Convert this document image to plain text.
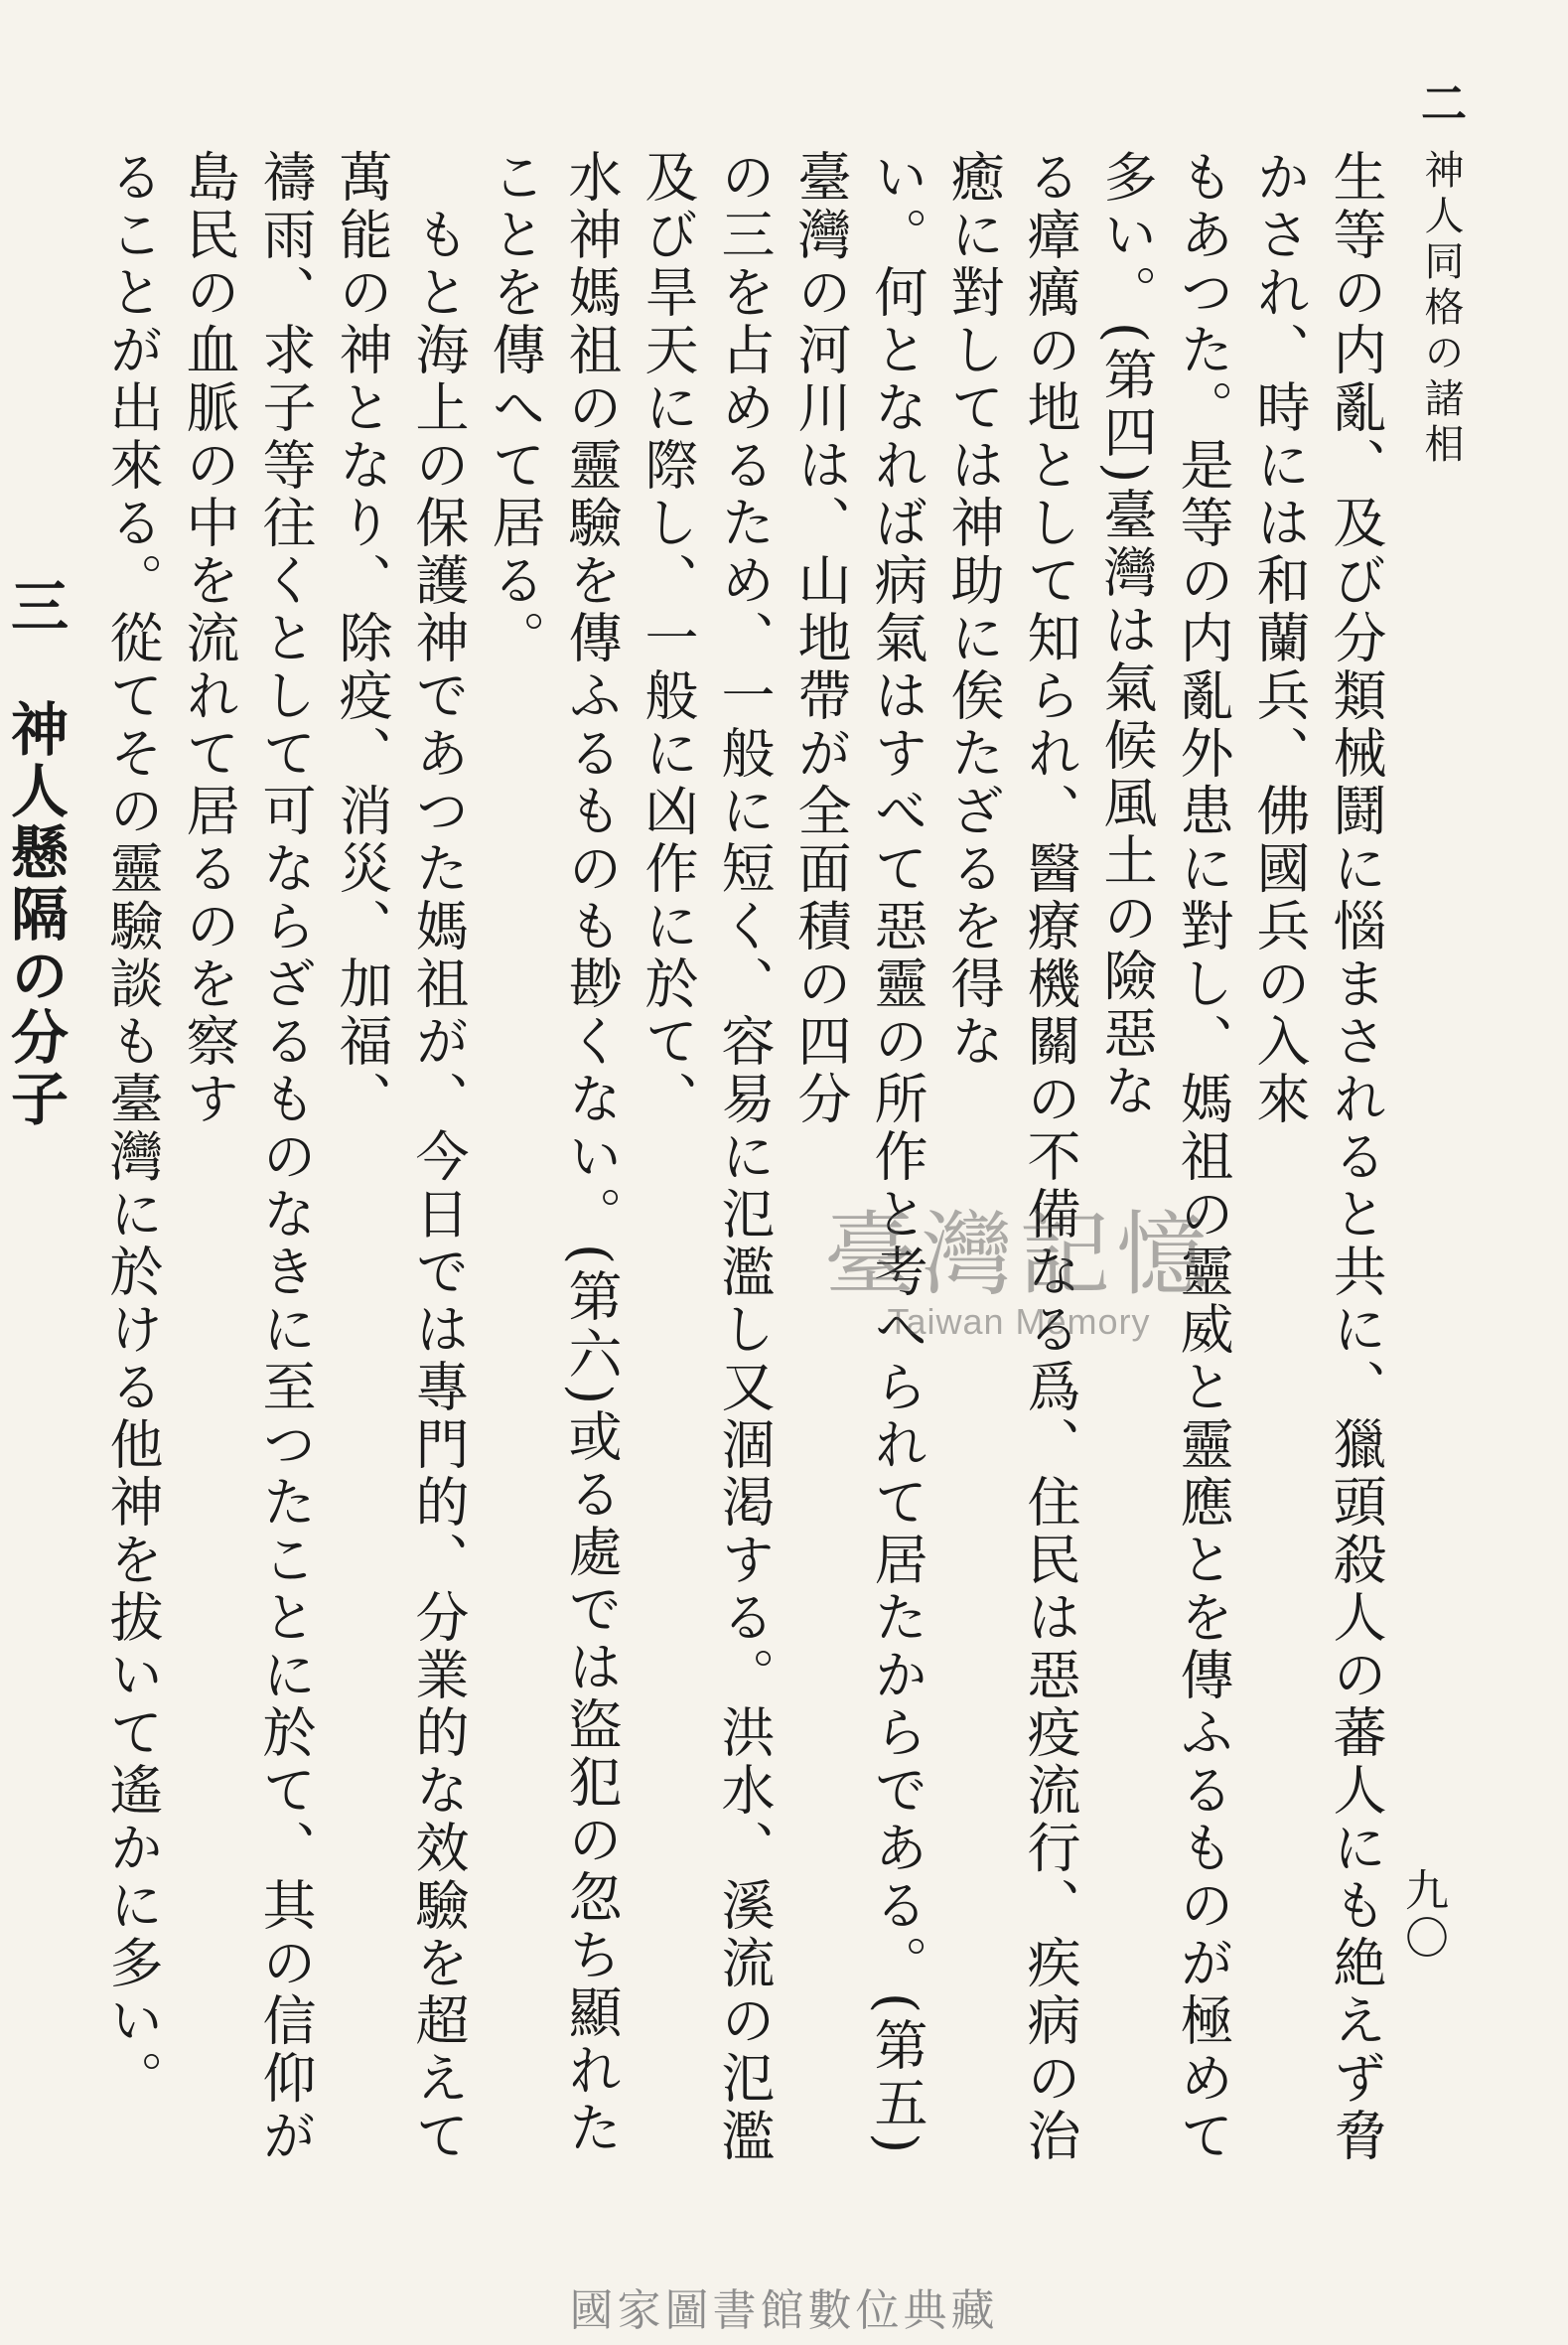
二神人同格の諸相
九〇
生等の内亂、及び分類械鬪に惱まされると共に、獵頭殺人の蕃人にも絶えず脅かされ、時には和蘭兵、佛國兵の入來
もあつた。是等の内亂外患に對し、媽祖の靈威と靈應とを傳ふるものが極めて多い。(第四)臺灣は氣候風土の險惡な
る瘴癘の地として知られ、醫療機關の不備なる爲、住民は惡疫流行、疾病の治癒に對しては神助に俟たざるを得な
い。何となれば病氣はすべて惡靈の所作と考へられて居たからである。(第五)臺灣の河川は、山地帶が全面積の四分
の三を占めるため、一般に短く、容易に氾濫し又涸渇する。洪水、溪流の氾濫及び旱天に際し、一般に凶作に於て、
水神媽祖の靈驗を傳ふるものも尠くない。(第六)或る處では盜犯の忽ち顯れたことを傳へて居る。
　もと海上の保護神であつた媽祖が、今日では專門的、分業的な效驗を超えて萬能の神となり、除疫、消災、加福、
禱雨、求子等往くとして可ならざるものなきに至つたことに於て、其の信仰が島民の血脈の中を流れて居るのを察す
ることが出來る。從てその靈驗談も臺灣に於ける他神を拔いて遙かに多い。
三　神人懸隔の分子
臺灣記憶
Taiwan Memory
國家圖書館數位典藏
